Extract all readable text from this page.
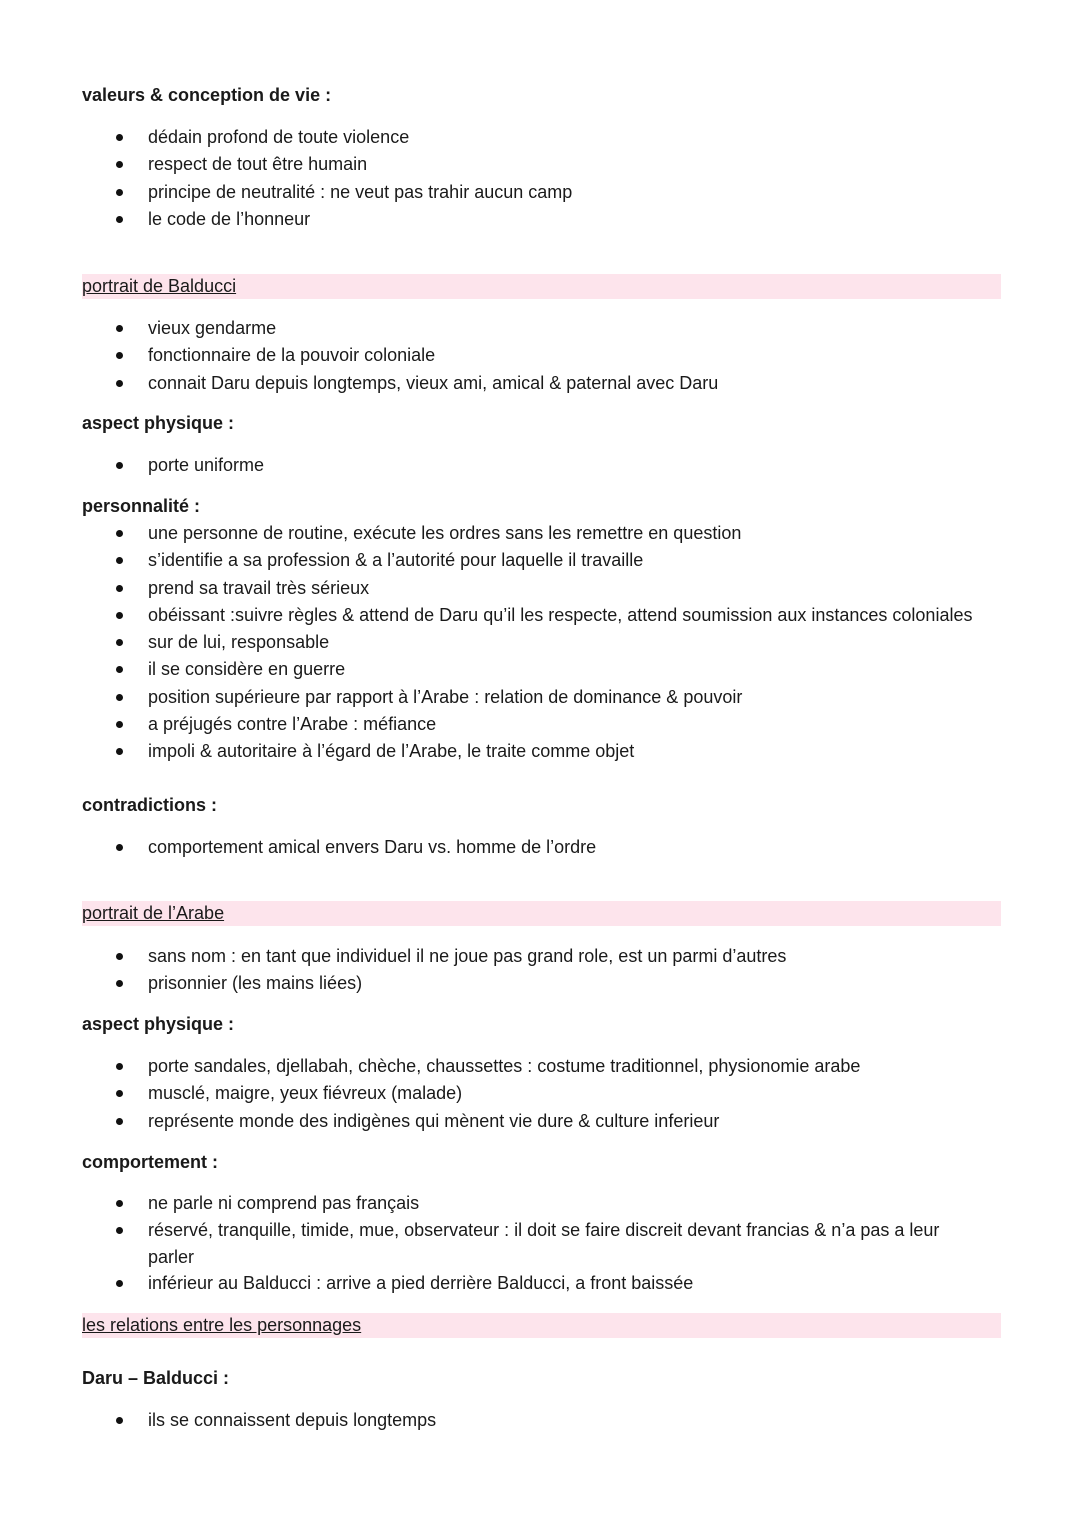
valeurs & conception de vie :
dédain profond de toute violence
respect de tout être humain
principe de neutralité : ne veut pas trahir aucun camp
le code de l’honneur
portrait de Balducci
vieux gendarme
fonctionnaire de la pouvoir coloniale
connait Daru depuis longtemps, vieux ami, amical & paternal avec Daru
aspect physique :
porte uniforme
personnalité :
une personne de routine, exécute les ordres sans les remettre en question
s’identifie a sa profession & a l’autorité pour laquelle il travaille
prend sa travail très sérieux
obéissant :suivre règles & attend de Daru qu’il les respecte, attend soumission aux instances coloniales
sur de lui, responsable
il se considère en guerre
position supérieure par rapport à l’Arabe : relation de dominance & pouvoir
a préjugés contre l’Arabe : méfiance
impoli & autoritaire à l’égard de l’Arabe, le traite comme objet
contradictions :
comportement amical envers Daru vs. homme de l’ordre
portrait de l’Arabe
sans nom : en tant que individuel il ne joue pas grand role, est un parmi d’autres
prisonnier (les mains liées)
aspect physique :
porte sandales, djellabah, chèche, chaussettes : costume traditionnel, physionomie arabe
musclé, maigre, yeux fiévreux (malade)
représente monde des indigènes qui mènent vie dure & culture inferieur
comportement :
ne parle ni comprend pas français
réservé, tranquille, timide, mue, observateur : il doit se faire discreit devant francias & n’a pas a leur parler
inférieur au Balducci : arrive a pied derrière Balducci, a front baissée
les relations entre les personnages
Daru – Balducci :
ils se connaissent depuis longtemps
